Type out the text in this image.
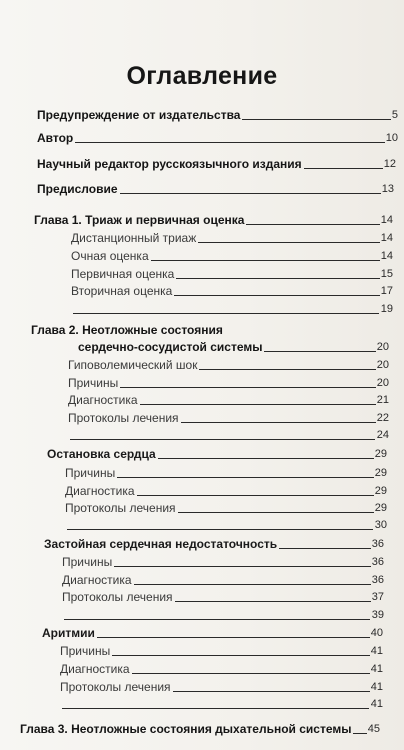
Оглавление
Предупреждение от издательства	5
Автор	10
Научный редактор русскоязычного издания	12
Предисловие	13
Глава 1. Триаж и первичная оценка	14
Дистанционный триаж	14
Очная оценка	14
Первичная оценка	15
Вторичная оценка	17
19
Глава 2. Неотложные состояния
сердечно-сосудистой системы	20
Гиповолемический шок	20
Причины	20
Диагностика	21
Протоколы лечения	22
24
Остановка сердца	29
Причины	29
Диагностика	29
Протоколы лечения	29
30
Застойная сердечная недостаточность	36
Причины	36
Диагностика	36
Протоколы лечения	37
39
Аритмии	40
Причины	41
Диагностика	41
Протоколы лечения	41
41
Глава 3. Неотложные состояния дыхательной системы 45
